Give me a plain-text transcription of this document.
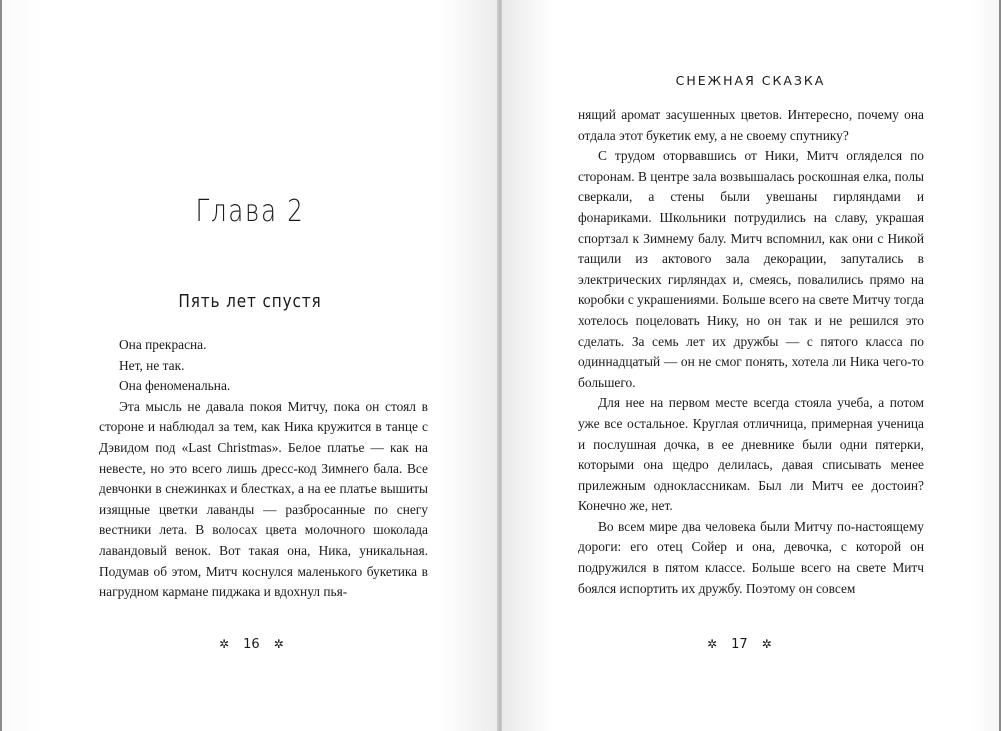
Глава 2
Пять лет спустя

Она прекрасна.

Нет, не так.

Она феноменальна.

Эта мысль не давала покоя Митчу, пока он стоял в стороне и наблюдал за тем, как Ника кружится в танце с Дэвидом под «Last Christmas». Белое платье — как на невесте, но это всего лишь дресс-код Зимнего бала. Все девчонки в снежинках и блестках, а на ее платье вышиты изящные цветки лаванды — разбросанные по снегу вестники лета. В волосах цвета молочного шоколада лавандовый венок. Вот такая она, Ника, уникальная. Подумав об этом, Митч коснулся маленького букетика в нагрудном кармане пиджака и вдохнул пья-

✲ 16 ✲
СНЕЖНАЯ СКАЗКА

нящий аромат засушенных цветов. Интересно, почему она отдала этот букетик ему, а не своему спутнику?

С трудом оторвавшись от Ники, Митч огляделся по сторонам. В центре зала возвышалась роскошная елка, полы сверкали, а стены были увешаны гирляндами и фонариками. Школьники потрудились на славу, украшая спортзал к Зимнему балу. Митч вспомнил, как они с Никой тащили из актового зала декорации, запутались в электрических гирляндах и, смеясь, повалились прямо на коробки с украшениями. Больше всего на свете Митчу тогда хотелось поцеловать Нику, но он так и не решился это сделать. За семь лет их дружбы — с пятого класса по одиннадцатый — он не смог понять, хотела ли Ника чего-то большего.

Для нее на первом месте всегда стояла учеба, а потом уже все остальное. Круглая отличница, примерная ученица и послушная дочка, в ее дневнике были одни пятерки, которыми она щедро делилась, давая списывать менее прилежным одноклассникам. Был ли Митч ее достоин? Конечно же, нет.

Во всем мире два человека были Митчу по-настоящему дороги: его отец Сойер и она, девочка, с которой он подружился в пятом классе. Больше всего на свете Митч боялся испортить их дружбу. Поэтому он совсем

✲ 17 ✲
